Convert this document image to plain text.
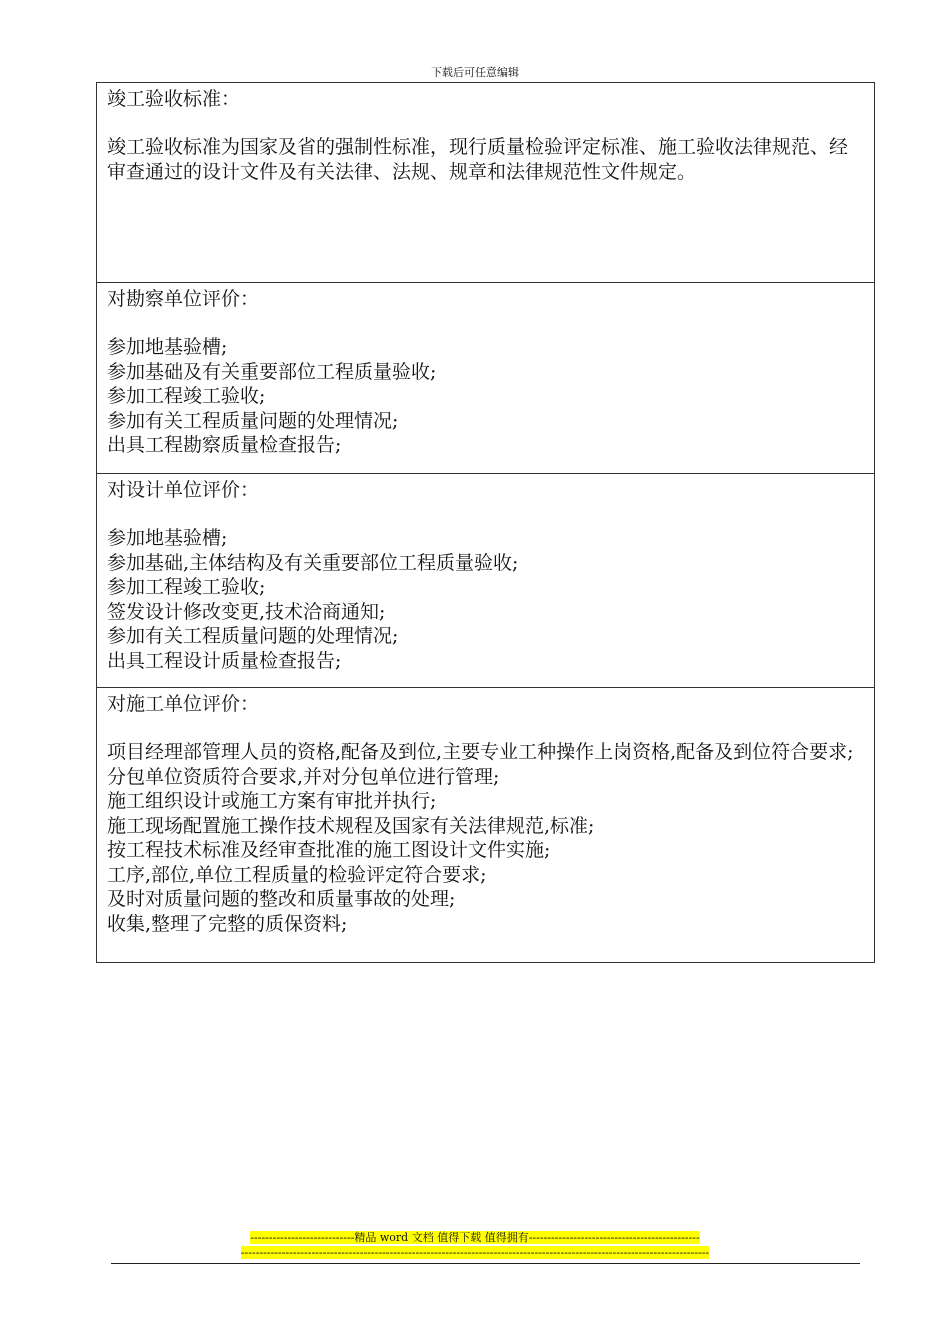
下载后可任意编辑

竣工验收标准：

竣工验收标准为国家及省的强制性标准，现行质量检验评定标准、施工验收法律规范、经审查通过的设计文件及有关法律、法规、规章和法律规范性文件规定。

对勘察单位评价：

参加地基验槽;

参加基础及有关重要部位工程质量验收;

参加工程竣工验收;

参加有关工程质量问题的处理情况;

出具工程勘察质量检查报告;

对设计单位评价：

参加地基验槽;

参加基础,主体结构及有关重要部位工程质量验收;

参加工程竣工验收;

签发设计修改变更,技术洽商通知;

参加有关工程质量问题的处理情况;

出具工程设计质量检查报告;

对施工单位评价：

项目经理部管理人员的资格,配备及到位,主要专业工种操作上岗资格,配备及到位符合要求;

分包单位资质符合要求,并对分包单位进行管理;

施工组织设计或施工方案有审批并执行;

施工现场配置施工操作技术规程及国家有关法律规范,标准;

按工程技术标准及经审查批准的施工图设计文件实施;

工序,部位,单位工程质量的检验评定符合要求;

及时对质量问题的整改和质量事故的处理;

收集,整理了完整的质保资料;

----------------------------精品 word 文档 值得下载 值得拥有----------------------------------------------
------------------------------------------------------------------------------------------------------------------------------
